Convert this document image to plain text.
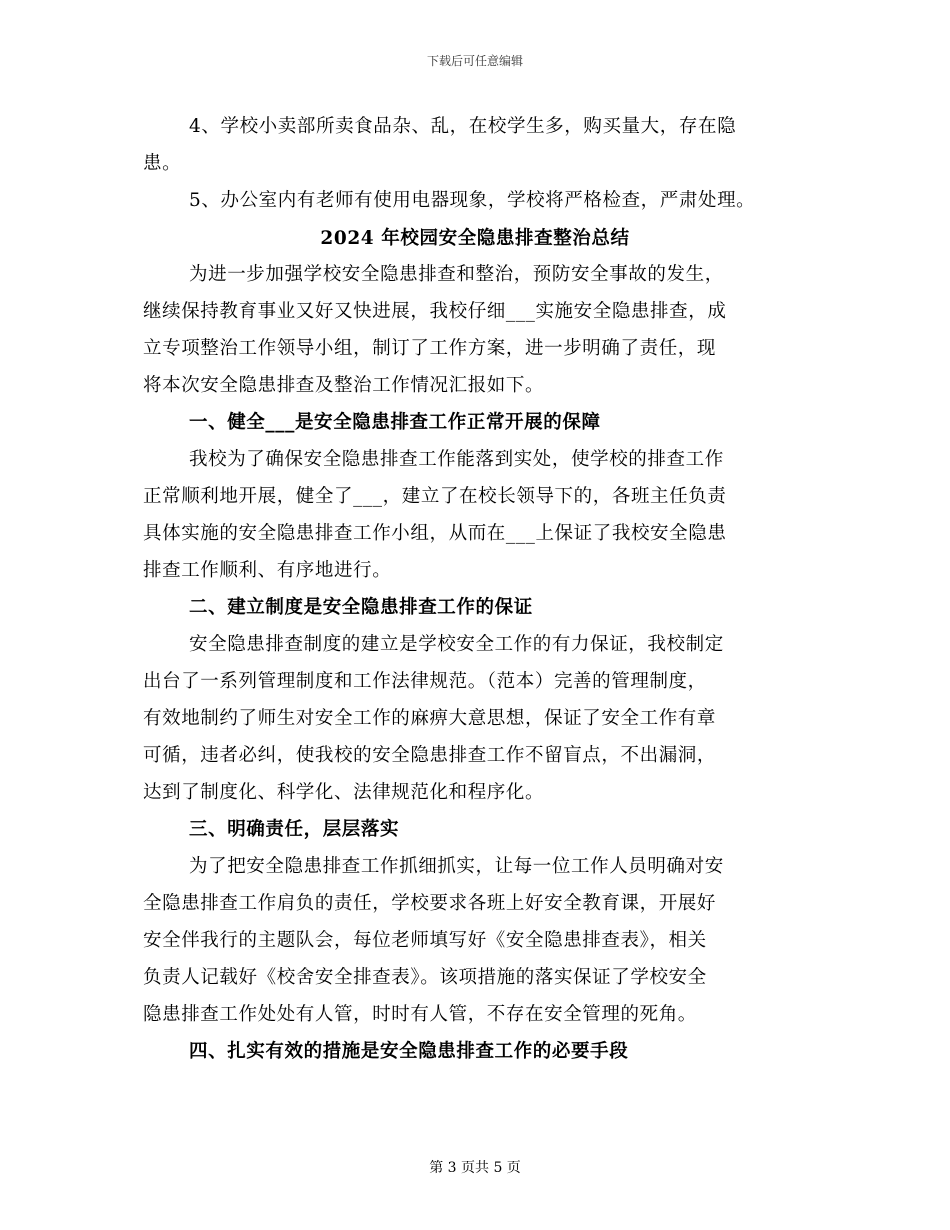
下载后可任意编辑
4、学校小卖部所卖食品杂、乱，在校学生多，购买量大，存在隐
患。
5、办公室内有老师有使用电器现象，学校将严格检查，严肃处理。
2024 年校园安全隐患排查整治总结
为进一步加强学校安全隐患排查和整治，预防安全事故的发生，
继续保持教育事业又好又快进展，我校仔细___实施安全隐患排查，成
立专项整治工作领导小组，制订了工作方案，进一步明确了责任，现
将本次安全隐患排查及整治工作情况汇报如下。
一、健全___是安全隐患排查工作正常开展的保障
我校为了确保安全隐患排查工作能落到实处，使学校的排查工作
正常顺利地开展，健全了___，建立了在校长领导下的，各班主任负责
具体实施的安全隐患排查工作小组，从而在___上保证了我校安全隐患
排查工作顺利、有序地进行。
二、建立制度是安全隐患排查工作的保证
安全隐患排查制度的建立是学校安全工作的有力保证，我校制定
出台了一系列管理制度和工作法律规范。（范本）完善的管理制度，
有效地制约了师生对安全工作的麻痹大意思想，保证了安全工作有章
可循，违者必纠，使我校的安全隐患排查工作不留盲点，不出漏洞，
达到了制度化、科学化、法律规范化和程序化。
三、明确责任，层层落实
为了把安全隐患排查工作抓细抓实，让每一位工作人员明确对安
全隐患排查工作肩负的责任，学校要求各班上好安全教育课，开展好
安全伴我行的主题队会，每位老师填写好《安全隐患排查表》，相关
负责人记载好《校舍安全排查表》。该项措施的落实保证了学校安全
隐患排查工作处处有人管，时时有人管，不存在安全管理的死角。
四、扎实有效的措施是安全隐患排查工作的必要手段
第 3 页共 5 页
